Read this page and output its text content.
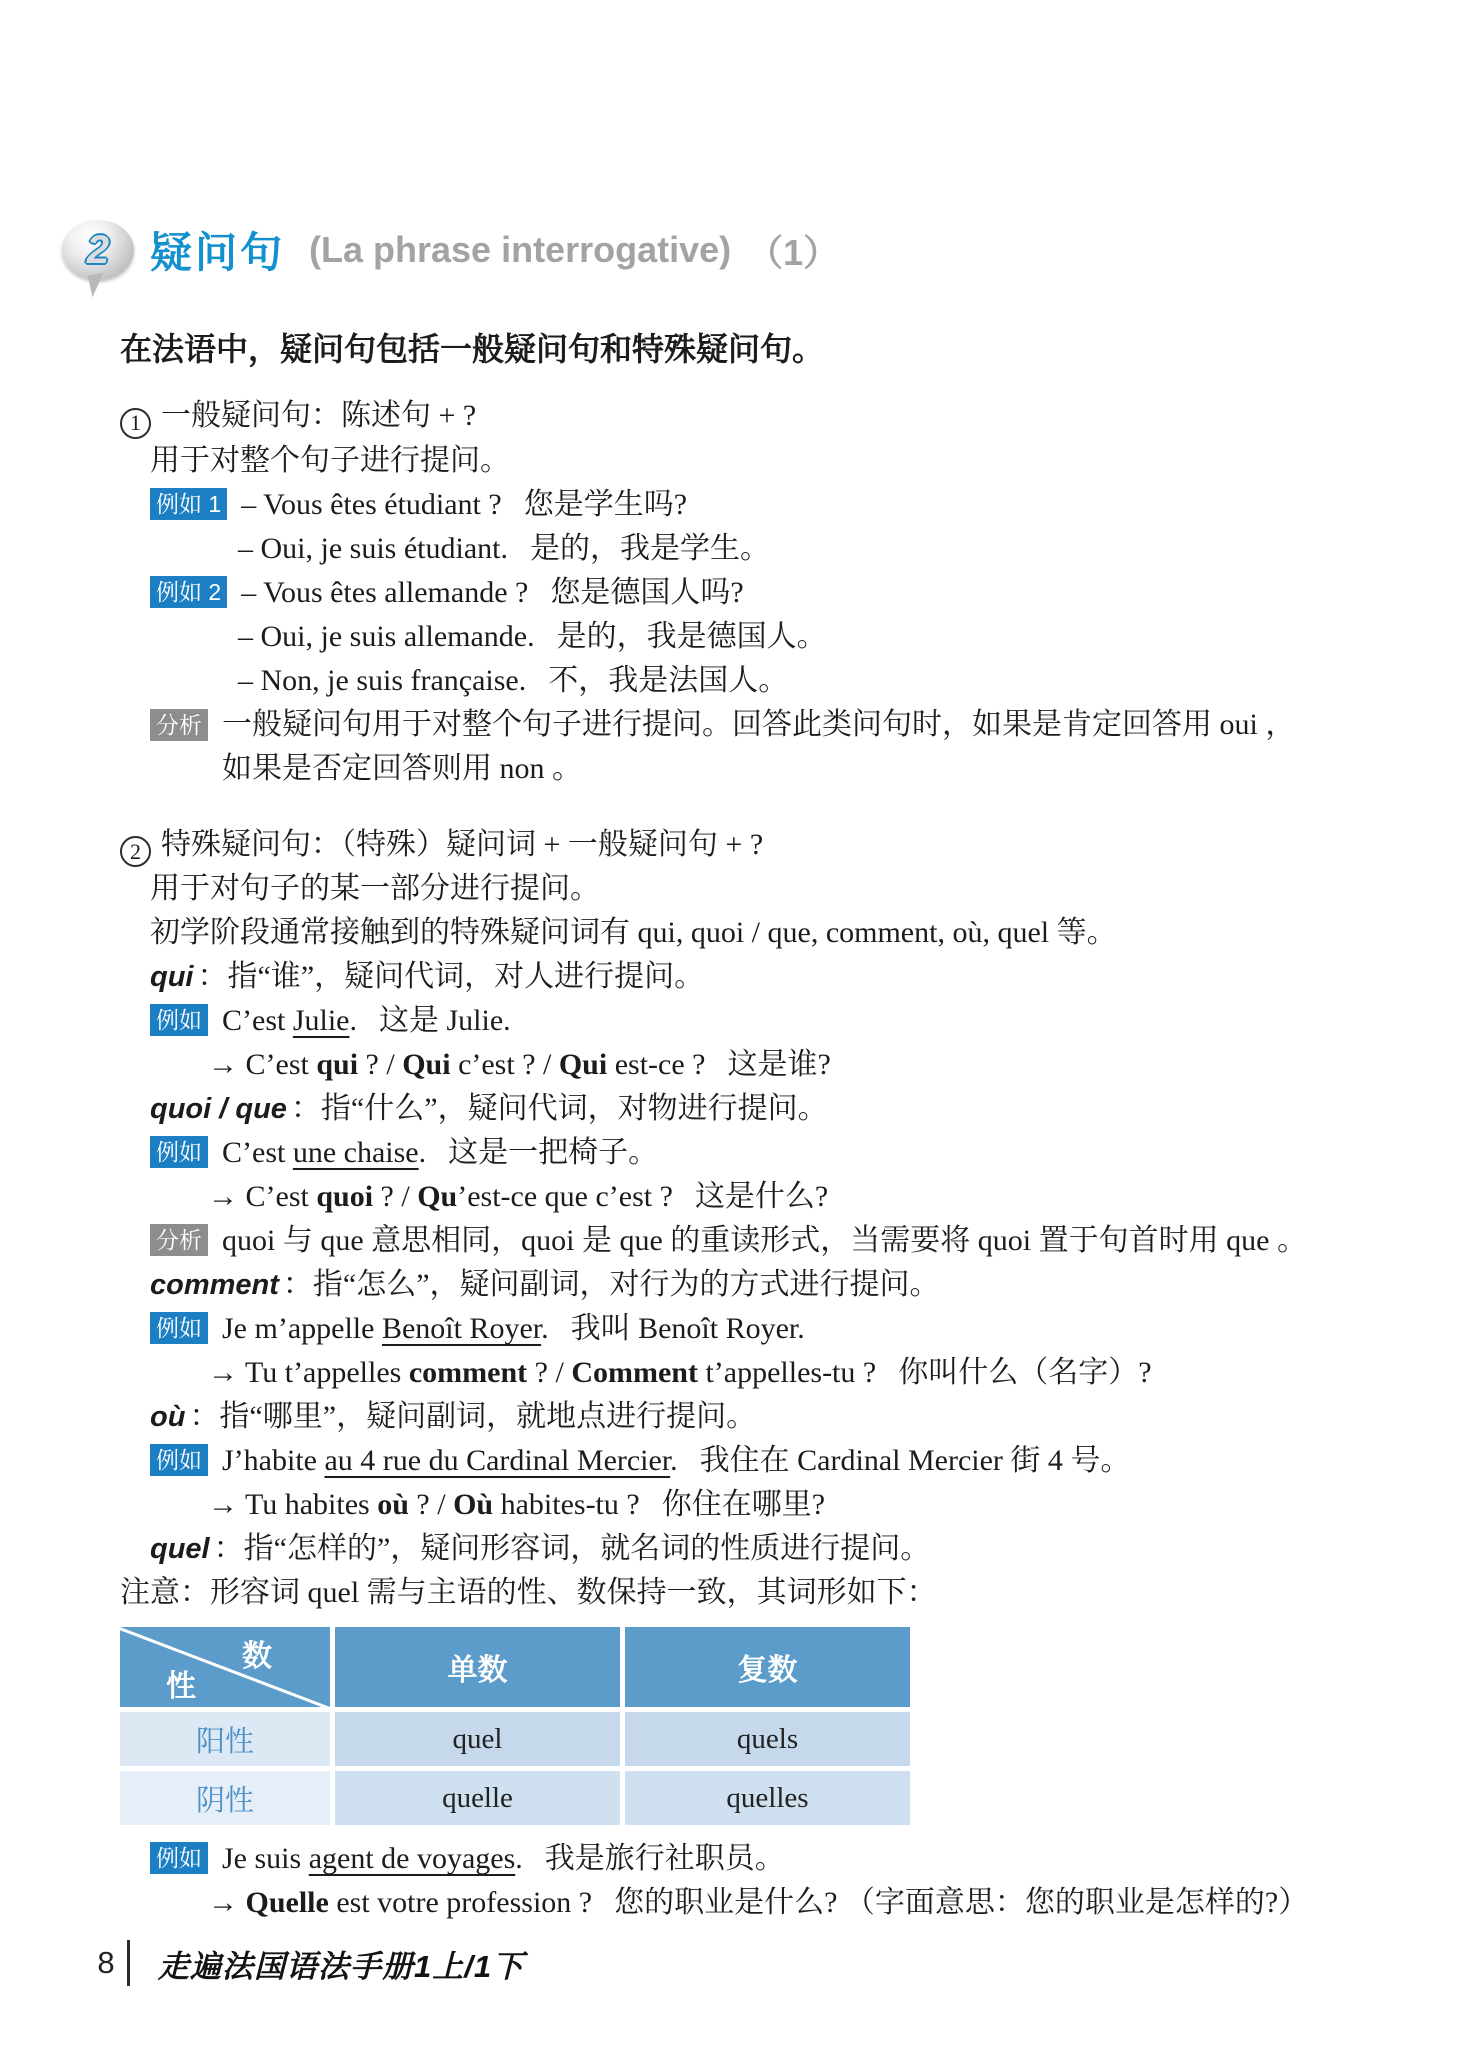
2 疑问句 (La phrase interrogative) （1）

在法语中，疑问句包括一般疑问句和特殊疑问句。

1 一般疑问句：陈述句 + ?
用于对整个句子进行提问。
例如 1 – Vous êtes étudiant ? 您是学生吗?
– Oui, je suis étudiant. 是的，我是学生。
例如 2 – Vous êtes allemande ? 您是德国人吗?
– Oui, je suis allemande. 是的，我是德国人。
– Non, je suis française. 不，我是法国人。
分析 一般疑问句用于对整个句子进行提问。回答此类问句时，如果是肯定回答用 oui ，
如果是否定回答则用 non 。
2 特殊疑问句：（特殊）疑问词 + 一般疑问句 + ?
用于对句子的某一部分进行提问。
初学阶段通常接触到的特殊疑问词有 qui, quoi / que, comment, où, quel 等。
qui ：指“谁”，疑问代词，对人进行提问。
例如 C’est Julie. 这是 Julie.
→ C’est qui ? / Qui c’est ? / Qui est-ce ? 这是谁?
quoi / que ：指“什么”，疑问代词，对物进行提问。
例如 C’est une chaise. 这是一把椅子。
→ C’est quoi ? / Qu’est-ce que c’est ? 这是什么?
分析 quoi 与 que 意思相同，quoi 是 que 的重读形式，当需要将 quoi 置于句首时用 que 。
comment ：指“怎么”，疑问副词，对行为的方式进行提问。
例如 Je m’appelle Benoît Royer. 我叫 Benoît Royer.
→ Tu t’appelles comment ? / Comment t’appelles-tu ? 你叫什么（名字）?
où ：指“哪里”，疑问副词，就地点进行提问。
例如 J’habite au 4 rue du Cardinal Mercier. 我住在 Cardinal Mercier 街 4 号。
→ Tu habites où ? / Où habites-tu ? 你住在哪里?
quel ：指“怎样的”，疑问形容词，就名词的性质进行提问。
注意：形容词 quel 需与主语的性、数保持一致，其词形如下：
数
性	单数	复数
阳性	quel	quels
阴性	quelle	quelles
例如 Je suis agent de voyages. 我是旅行社职员。
→ Quelle est votre profession ? 您的职业是什么? （字面意思：您的职业是怎样的?）
8	走遍法国语法手册1上/1下
